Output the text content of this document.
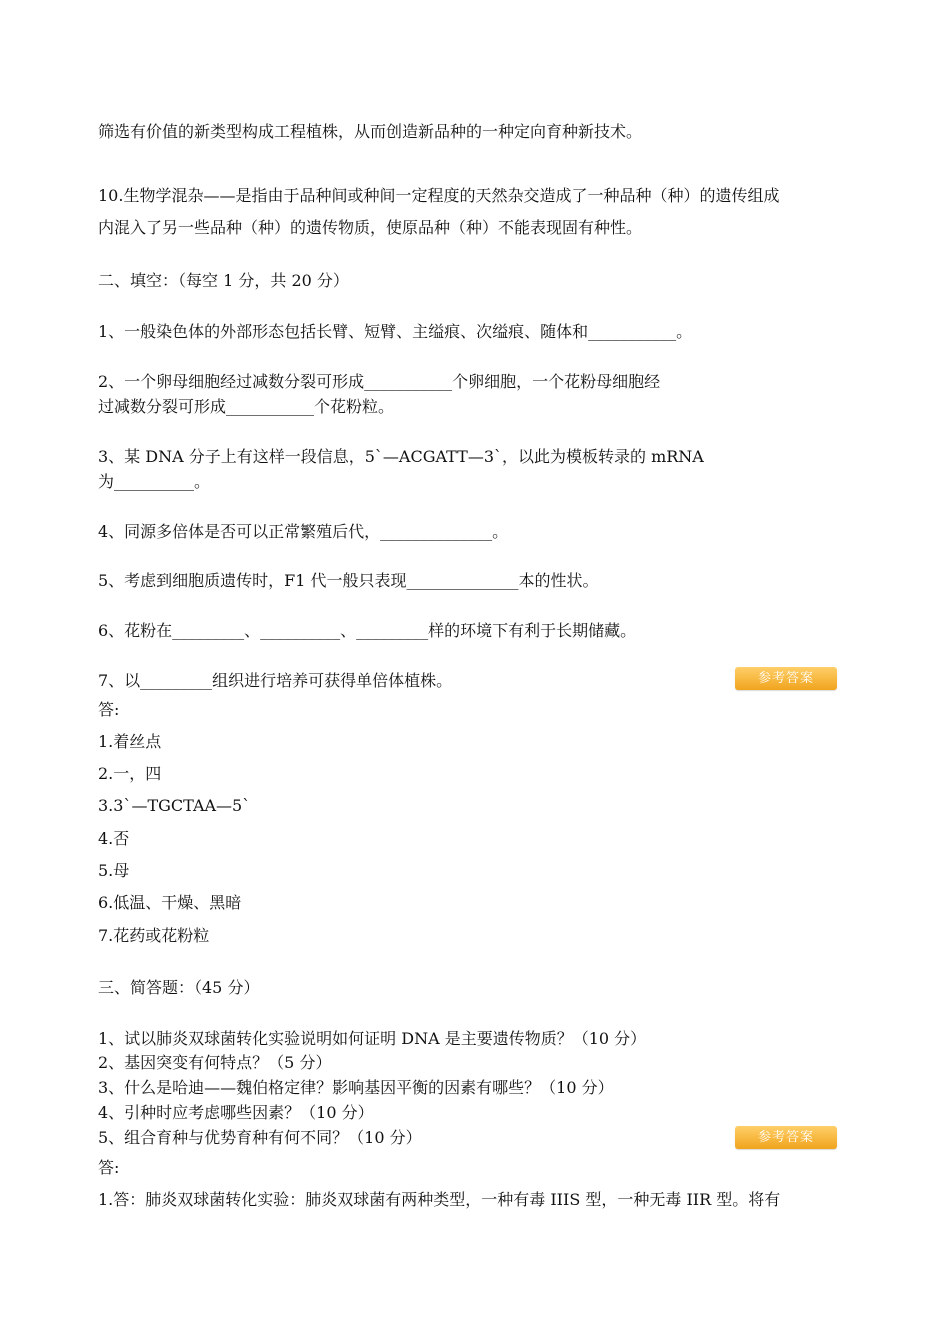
筛选有价值的新类型构成工程植株，从而创造新品种的一种定向育种新技术。
10.生物学混杂——是指由于品种间或种间一定程度的天然杂交造成了一种品种（种）的遗传组成
内混入了另一些品种（种）的遗传物质，使原品种（种）不能表现固有种性。
二、填空：（每空 1 分，共 20 分）
1、一般染色体的外部形态包括长臂、短臂、主缢痕、次缢痕、随体和___________。
2、一个卵母细胞经过减数分裂可形成___________个卵细胞，一个花粉母细胞经
过减数分裂可形成___________个花粉粒。
3、某 DNA 分子上有这样一段信息，5`—ACGATT—3`，以此为模板转录的 mRNA
为__________。
4、同源多倍体是否可以正常繁殖后代，______________。
5、考虑到细胞质遗传时，F1 代一般只表现______________本的性状。
6、花粉在_________、__________、_________样的环境下有利于长期储藏。
7、以_________组织进行培养可获得单倍体植株。	参考答案
答:
1.着丝点
2.一，四
3.3`—TGCTAA—5`
4.否
5.母
6.低温、干燥、黑暗
7.花药或花粉粒
三、简答题：（45 分）
1、试以肺炎双球菌转化实验说明如何证明 DNA 是主要遗传物质？（10 分）
2、基因突变有何特点？（5 分）
3、什么是哈迪——魏伯格定律？影响基因平衡的因素有哪些？（10 分）
4、引种时应考虑哪些因素？（10 分）
5、组合育种与优势育种有何不同？（10 分）	参考答案
答:
1.答：肺炎双球菌转化实验：肺炎双球菌有两种类型，一种有毒 IIIS 型，一种无毒 IIR 型。将有
